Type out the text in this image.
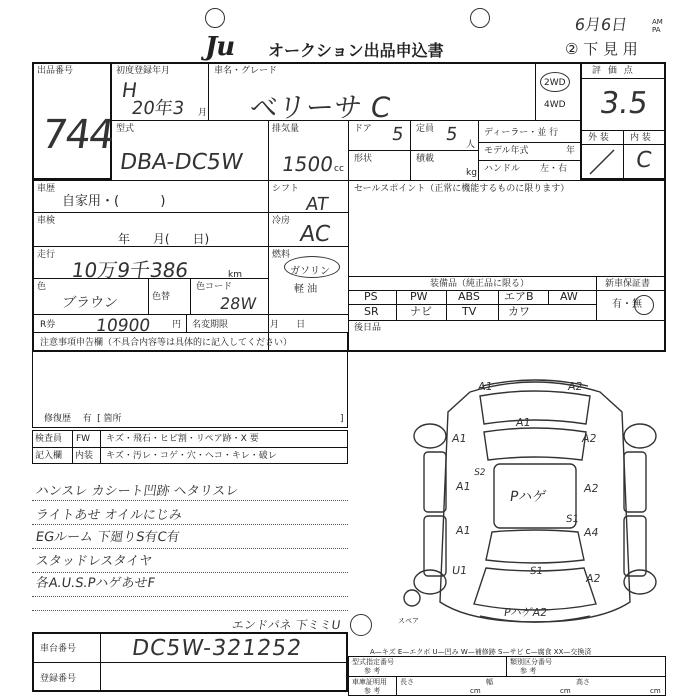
6月6日	AM
PA
Ju オークション出品申込書	② 下 見 用
出品番号
744
初度登録年月
H
20年3 月
車名・グレード
ベリーサ C
2WD
4WD
評 価 点
3.5
外 装 内 装
C
型式
DBA-DC5W
排気量
1500 cc
ドア 5 定員 5 人
形状	積載
kg
ディーラー・並 行
モデル年式	年
ハンドル 左・右
車歴
自家用・(          )
シフト
AT
セールスポイント（正常に機能するものに限ります）
車検
年      月(      日)
冷房
AC
走行
10万9千386	km
燃料
ガソリン
軽 油
色
ブラウン	色替
色コード
28W
装備品（純正品に限る）	新車保証書
PS	PW	ABS エアB AW
SR	ナビ	TV	カワ
有・無
R券 10900 円 名変期限	月      日	後日品
注意事項申告欄（不具合内容等は具体的に記入してください）
修復歴    有  [ 箇所	]
検査員 FW キズ・飛石・ヒビ割・リペア跡・X 要
記入欄 内装 キズ・汚レ・コゲ・穴・ヘコ・キレ・破レ
ハンスレ カシート凹跡 ヘタリスレ
ライトあせ オイルにじみ
EGルーム 下廻りS有C有
スタッドレスタイヤ
各A.U.S.PハゲあせF
エンドパネ 下ミミU
A1	A2
A1
A1	A2
A1
S2
Pハゲ
A2
A1
S1
A4
U1	S1
A2
PハゲA2
スペア
車台番号 DC5W-321252
登録番号
A—キズ E—エクボ U—凹み W—補修跡 S—サビ C—腐食 XX—交換済
型式指定番号
参 考
類別区分番号
参 考
車庫証明用
参 考
長さ
cm
幅
cm
高さ
cm
